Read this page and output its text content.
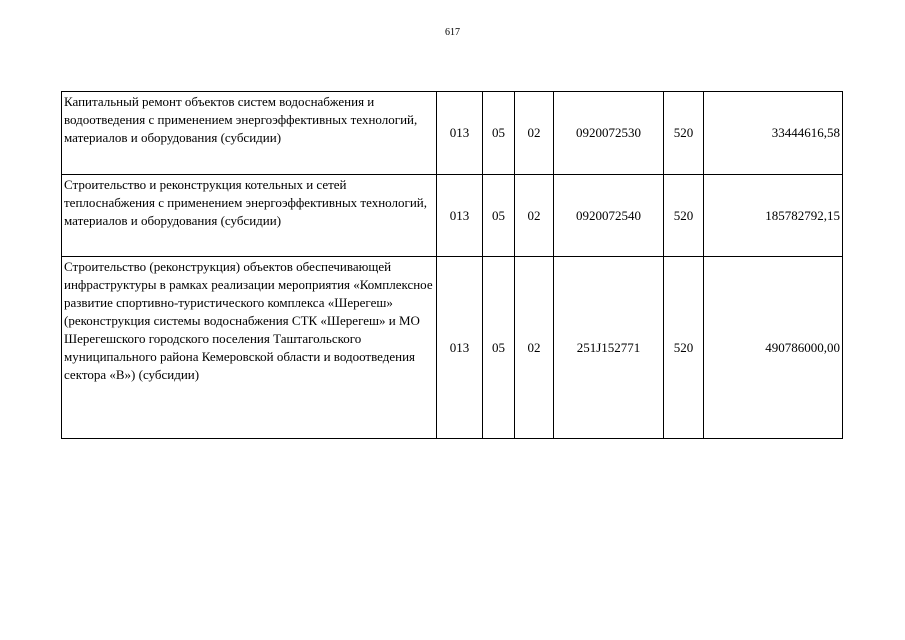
617
Капитальный ремонт объектов систем водоснабжения и водоотведения с применением энергоэффективных технологий, материалов и оборудования (субсидии)	013	05	02	0920072530	520	33444616,58
Строительство и реконструкция котельных и сетей теплоснабжения с применением энергоэффективных технологий, материалов и оборудования (субсидии)	013	05	02	0920072540	520	185782792,15
Строительство (реконструкция) объектов обеспечивающей инфраструктуры в рамках реализации мероприятия «Комплексное развитие спортивно-туристического комплекса «Шерегеш» (реконструкция системы водоснабжения СТК «Шерегеш» и МО Шерегешского городского поселения Таштагольского муниципального района Кемеровской области и водоотведения сектора «В») (субсидии)	013	05	02	251J152771	520	490786000,00
